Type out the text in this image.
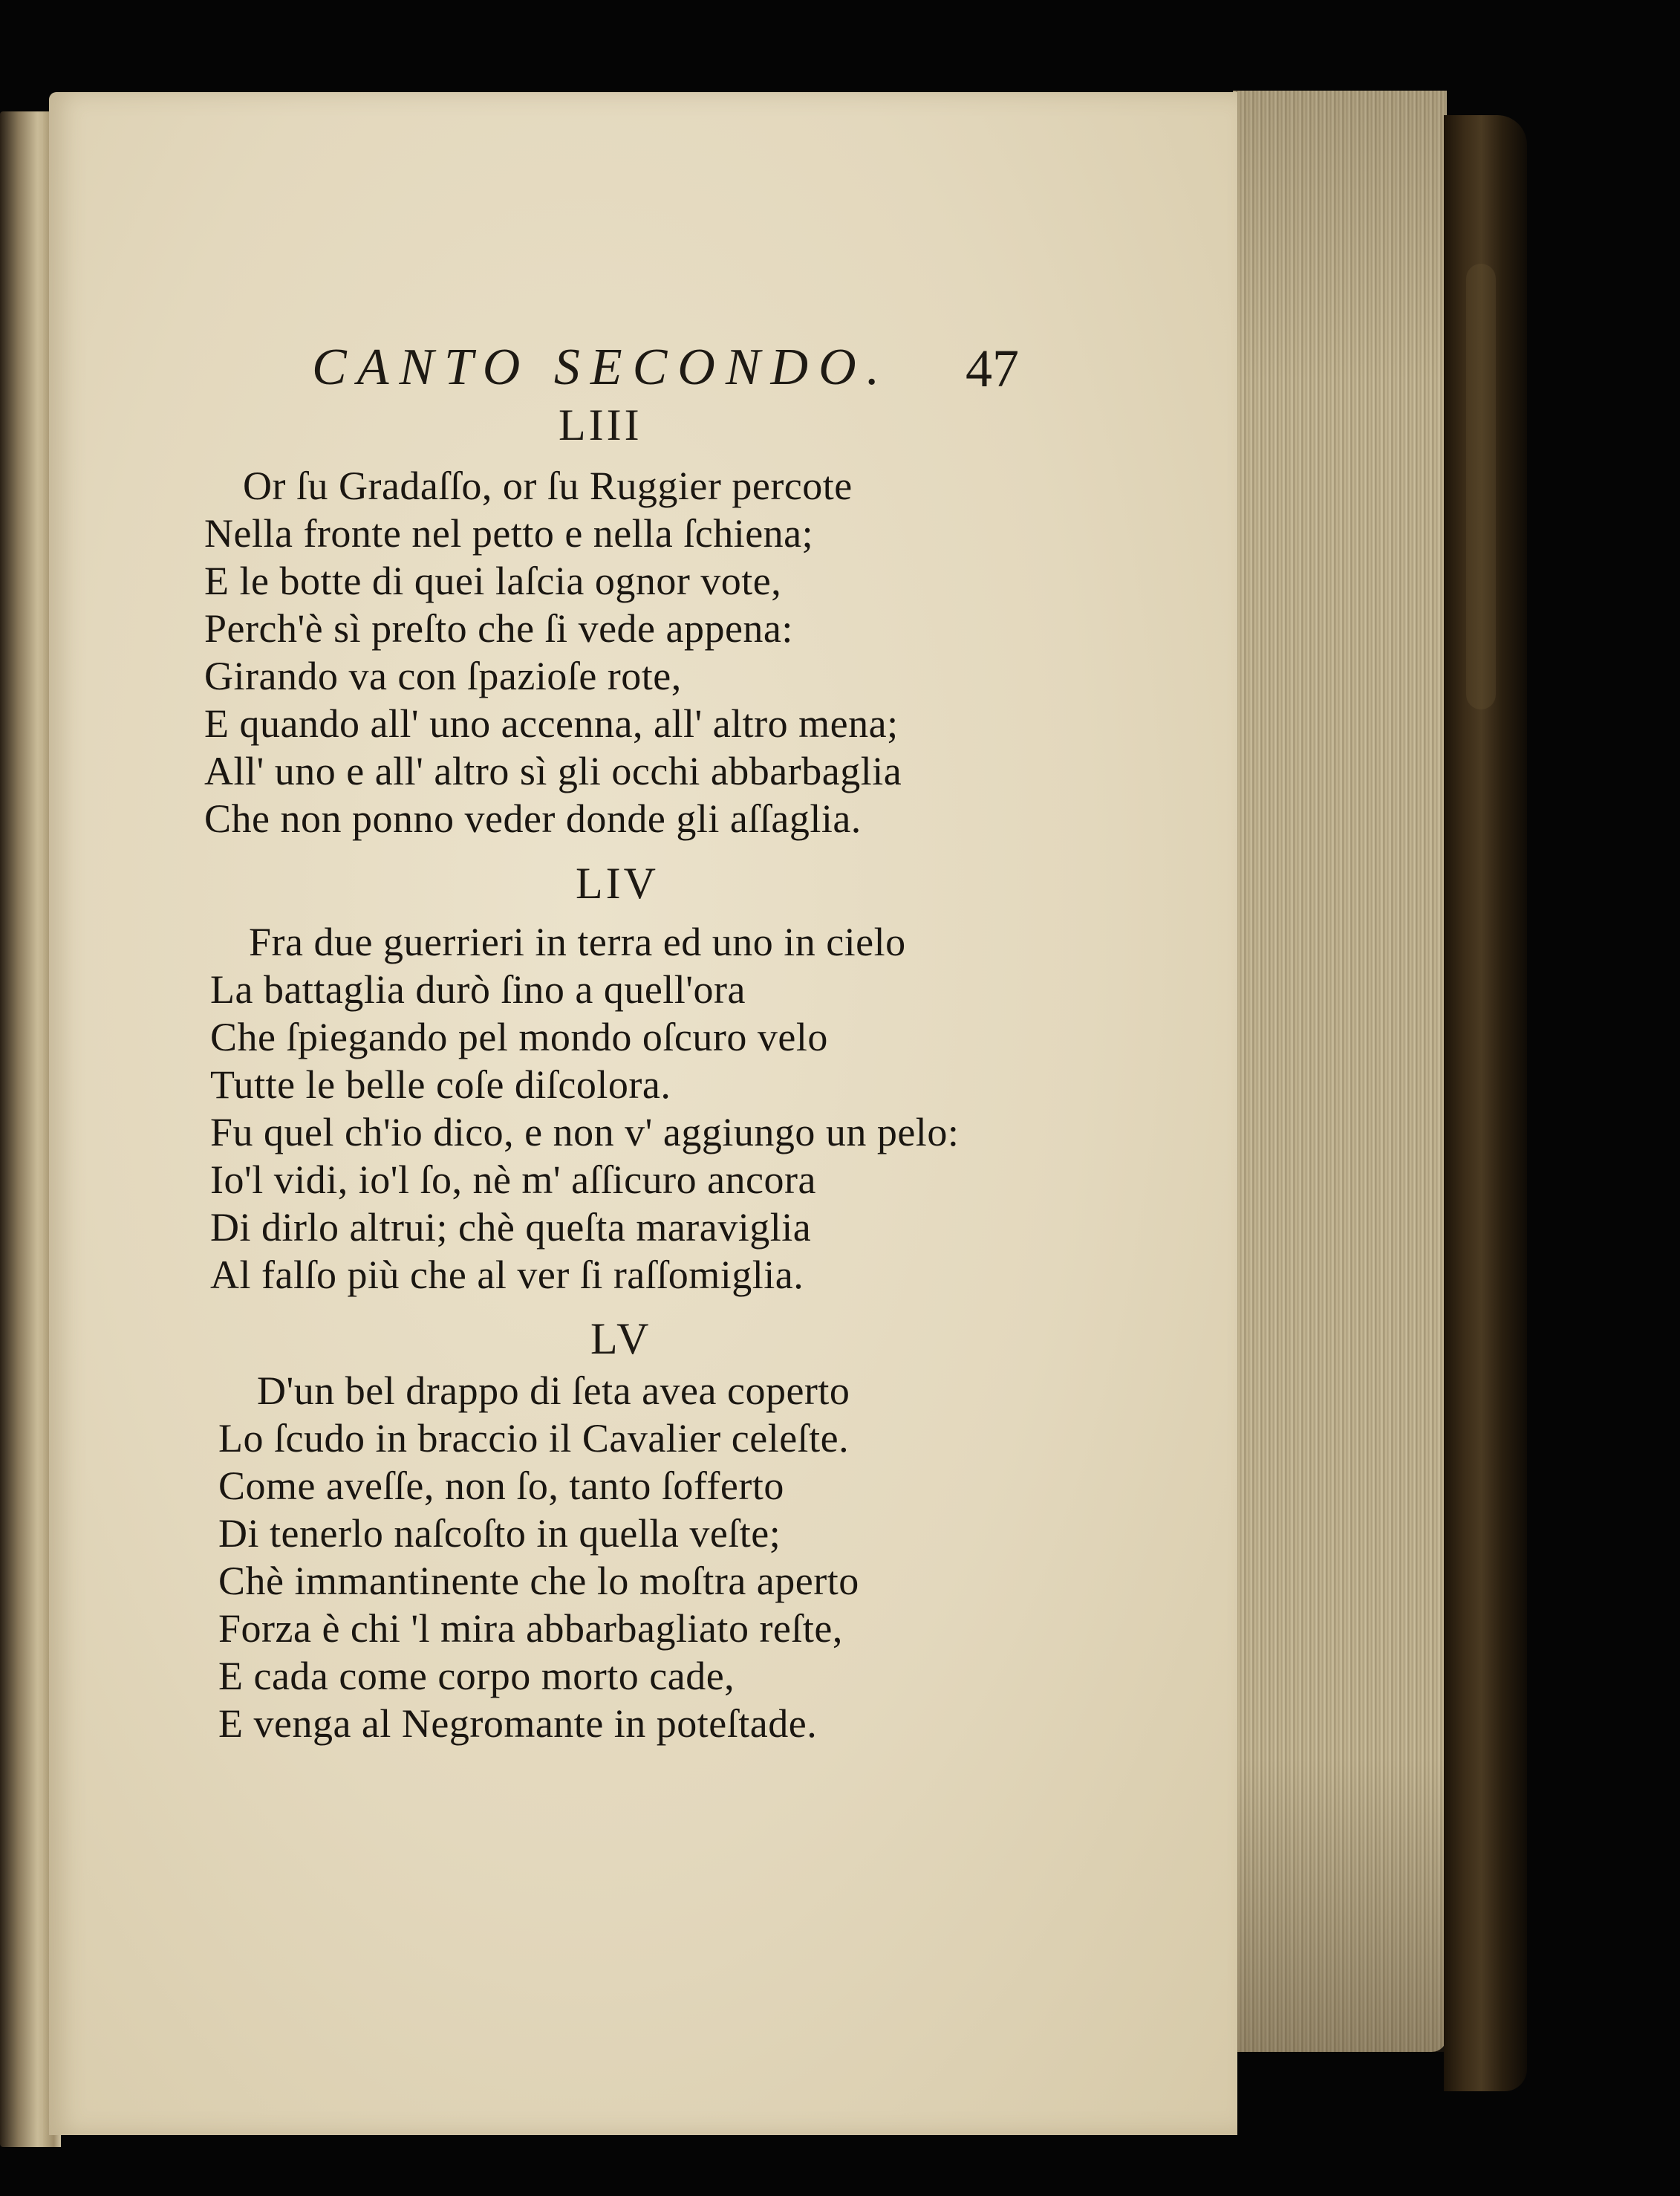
CANTO SECONDO. 47
LIII
Or ſu Gradaſſo, or ſu Ruggier percote
Nella fronte nel petto e nella ſchiena;
E le botte di quei laſcia ognor vote,
Perch'è sì preſto che ſi vede appena:
Girando va con ſpazioſe rote,
E quando all' uno accenna, all' altro mena;
All' uno e all' altro sì gli occhi abbarbaglia
Che non ponno veder donde gli aſſaglia.
LIV
Fra due guerrieri in terra ed uno in cielo
La battaglia durò ſino a quell'ora
Che ſpiegando pel mondo oſcuro velo
Tutte le belle coſe diſcolora.
Fu quel ch'io dico, e non v' aggiungo un pelo:
Io'l vidi, io'l ſo, nè m' aſſicuro ancora
Di dirlo altrui; chè queſta maraviglia
Al falſo più che al ver ſi raſſomiglia.
LV
D'un bel drappo di ſeta avea coperto
Lo ſcudo in braccio il Cavalier celeſte.
Come aveſſe, non ſo, tanto ſofferto
Di tenerlo naſcoſto in quella veſte;
Chè immantinente che lo moſtra aperto
Forza è chi 'l mira abbarbagliato reſte,
E cada come corpo morto cade,
E venga al Negromante in poteſtade.
